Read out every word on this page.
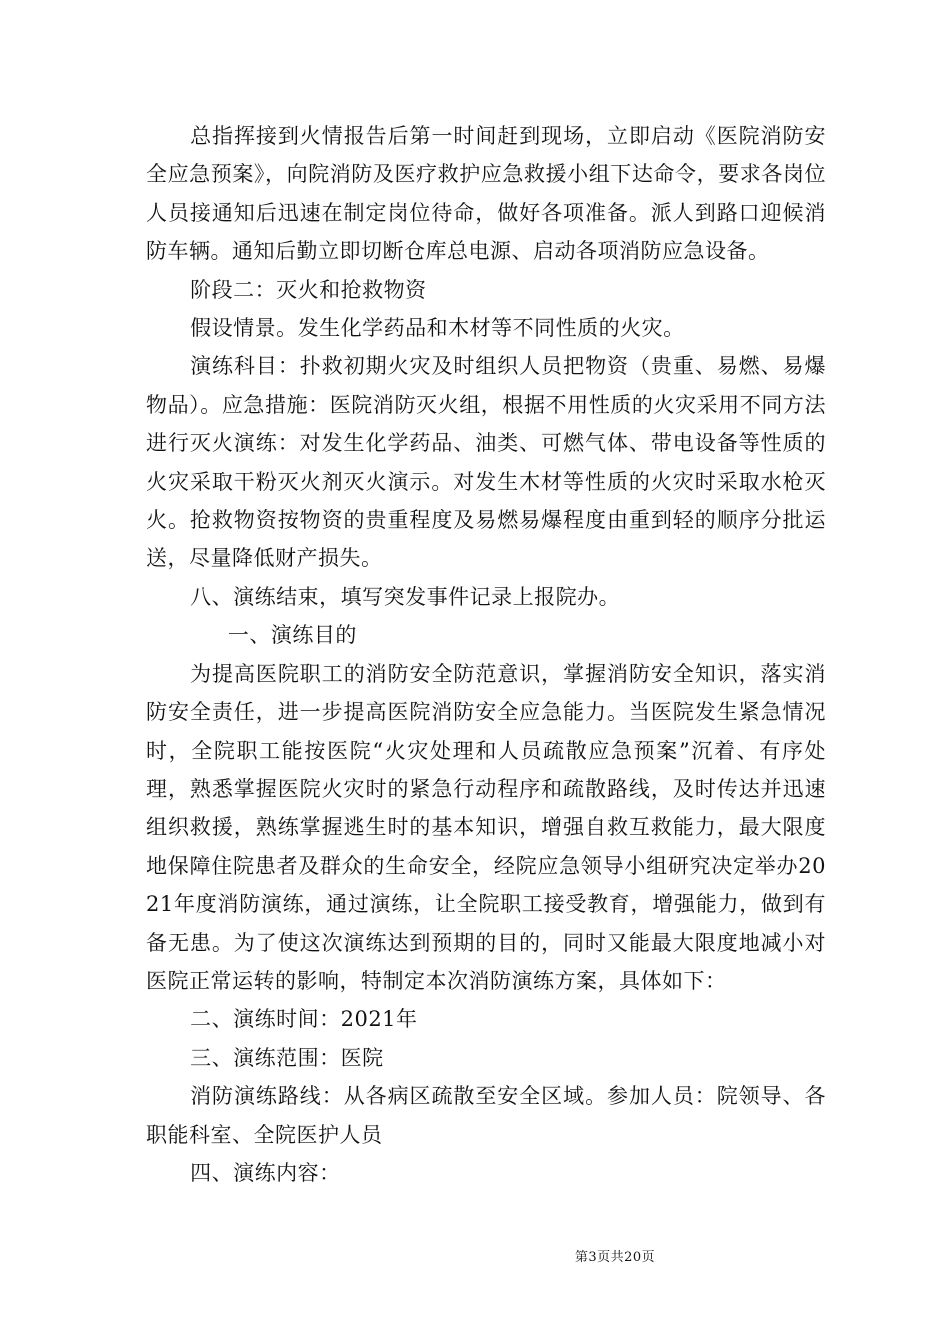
总指挥接到火情报告后第一时间赶到现场，立即启动《医院消防安全应急预案》，向院消防及医疗救护应急救援小组下达命令，要求各岗位人员接通知后迅速在制定岗位待命，做好各项准备。派人到路口迎候消防车辆。通知后勤立即切断仓库总电源、启动各项消防应急设备。

阶段二：灭火和抢救物资

假设情景。发生化学药品和木材等不同性质的火灾。

演练科目：扑救初期火灾及时组织人员把物资（贵重、易燃、易爆物品）。应急措施：医院消防灭火组，根据不用性质的火灾采用不同方法进行灭火演练：对发生化学药品、油类、可燃气体、带电设备等性质的火灾采取干粉灭火剂灭火演示。对发生木材等性质的火灾时采取水枪灭火。抢救物资按物资的贵重程度及易燃易爆程度由重到轻的顺序分批运送，尽量降低财产损失。

八、演练结束，填写突发事件记录上报院办。

一、演练目的

为提高医院职工的消防安全防范意识，掌握消防安全知识，落实消防安全责任，进一步提高医院消防安全应急能力。当医院发生紧急情况时，全院职工能按医院“火灾处理和人员疏散应急预案”沉着、有序处理，熟悉掌握医院火灾时的紧急行动程序和疏散路线，及时传达并迅速组织救援，熟练掌握逃生时的基本知识，增强自救互救能力，最大限度地保障住院患者及群众的生命安全，经院应急领导小组研究决定举办2021年度消防演练，通过演练，让全院职工接受教育，增强能力，做到有备无患。为了使这次演练达到预期的目的，同时又能最大限度地减小对医院正常运转的影响，特制定本次消防演练方案，具体如下：

二、演练时间：2021年

三、演练范围：医院

消防演练路线：从各病区疏散至安全区域。参加人员：院领导、各职能科室、全院医护人员

四、演练内容：

第3页共20页
